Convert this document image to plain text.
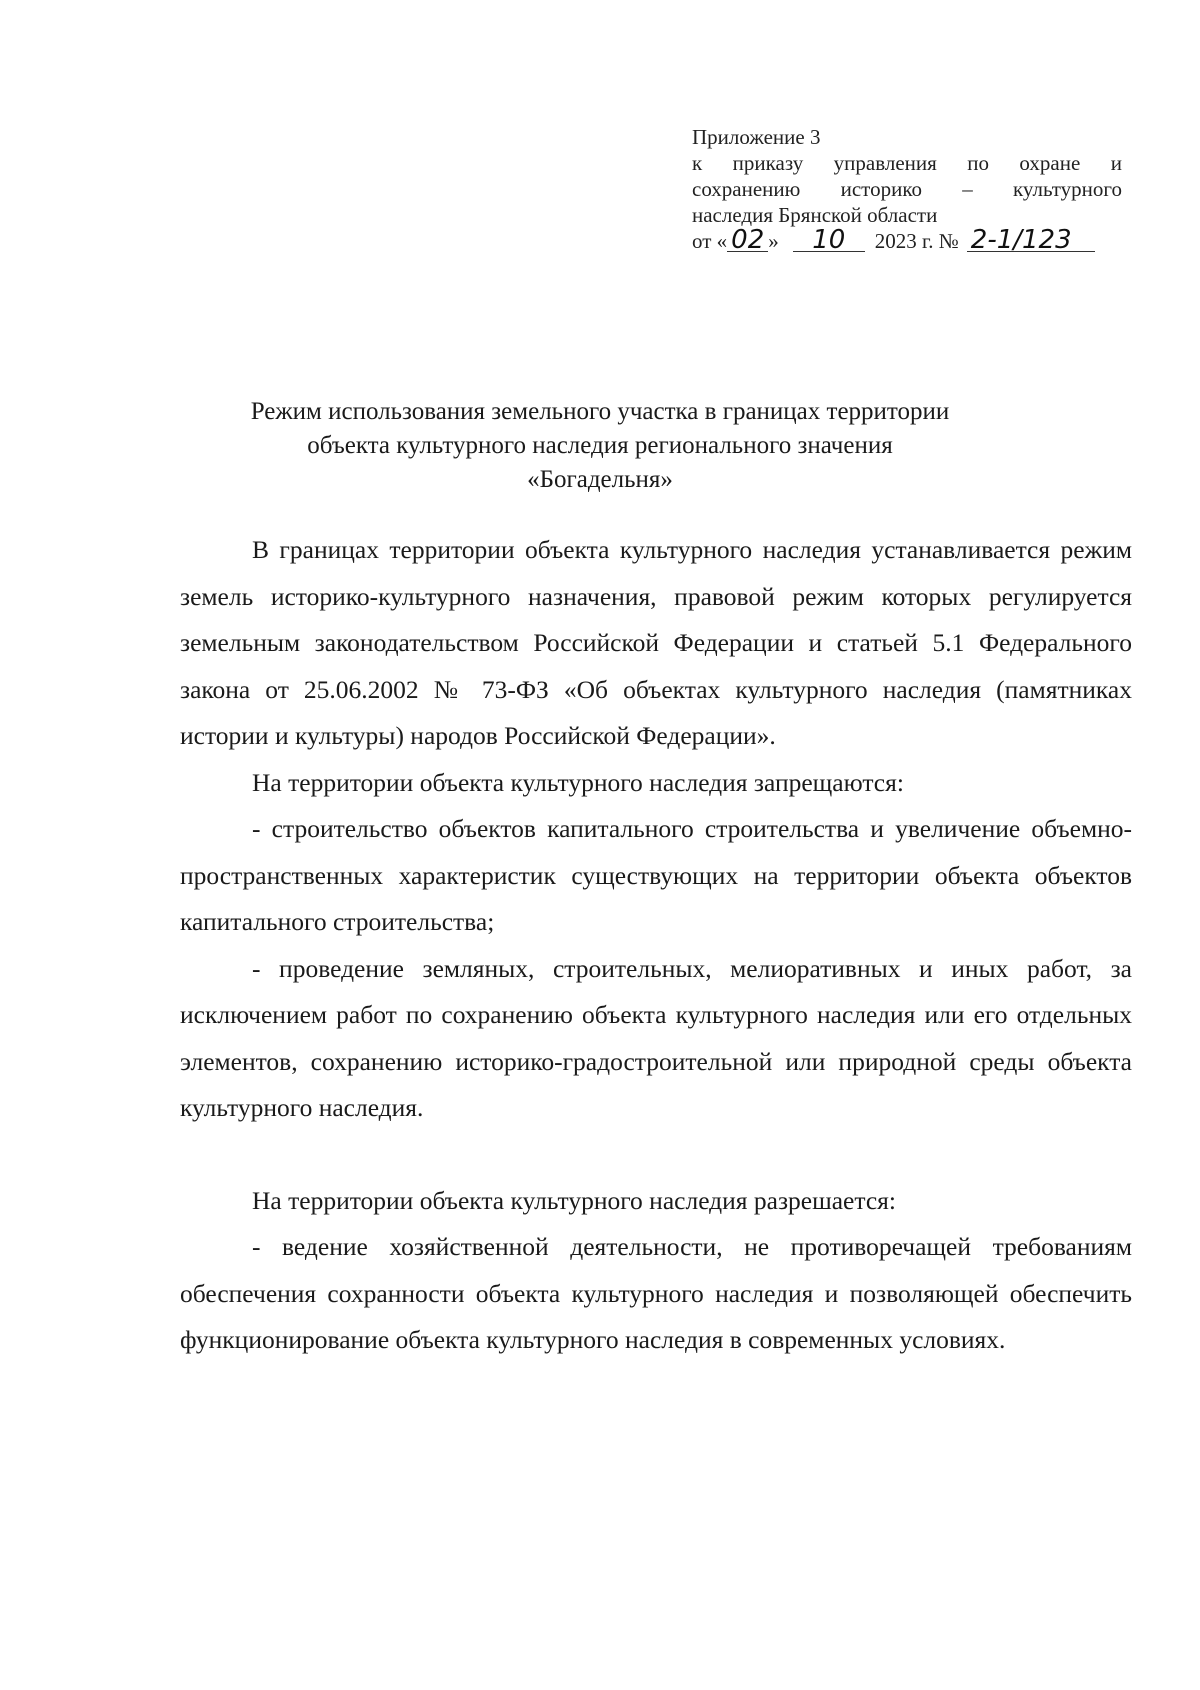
Приложение 3
к приказу управления по охране и
сохранению историко – культурного
наследия Брянской области
от « 02 »	10	2023 г. № 2-1/123
Режим использования земельного участка в границах территории
объекта культурного наследия регионального значения
«Богадельня»

В границах территории объекта культурного наследия устанавливается режим земель историко-культурного назначения, правовой режим которых регулируется земельным законодательством Российской Федерации и статьей 5.1 Федерального закона от 25.06.2002 № 73-ФЗ «Об объектах культурного наследия (памятниках истории и культуры) народов Российской Федерации».

На территории объекта культурного наследия запрещаются:

- строительство объектов капитального строительства и увеличение объемно-пространственных характеристик существующих на территории объекта объектов капитального строительства;

- проведение земляных, строительных, мелиоративных и иных работ, за исключением работ по сохранению объекта культурного наследия или его отдельных элементов, сохранению историко-градостроительной или природной среды объекта культурного наследия.

На территории объекта культурного наследия разрешается:

- ведение хозяйственной деятельности, не противоречащей требованиям обеспечения сохранности объекта культурного наследия и позволяющей обеспечить функционирование объекта культурного наследия в современных условиях.
